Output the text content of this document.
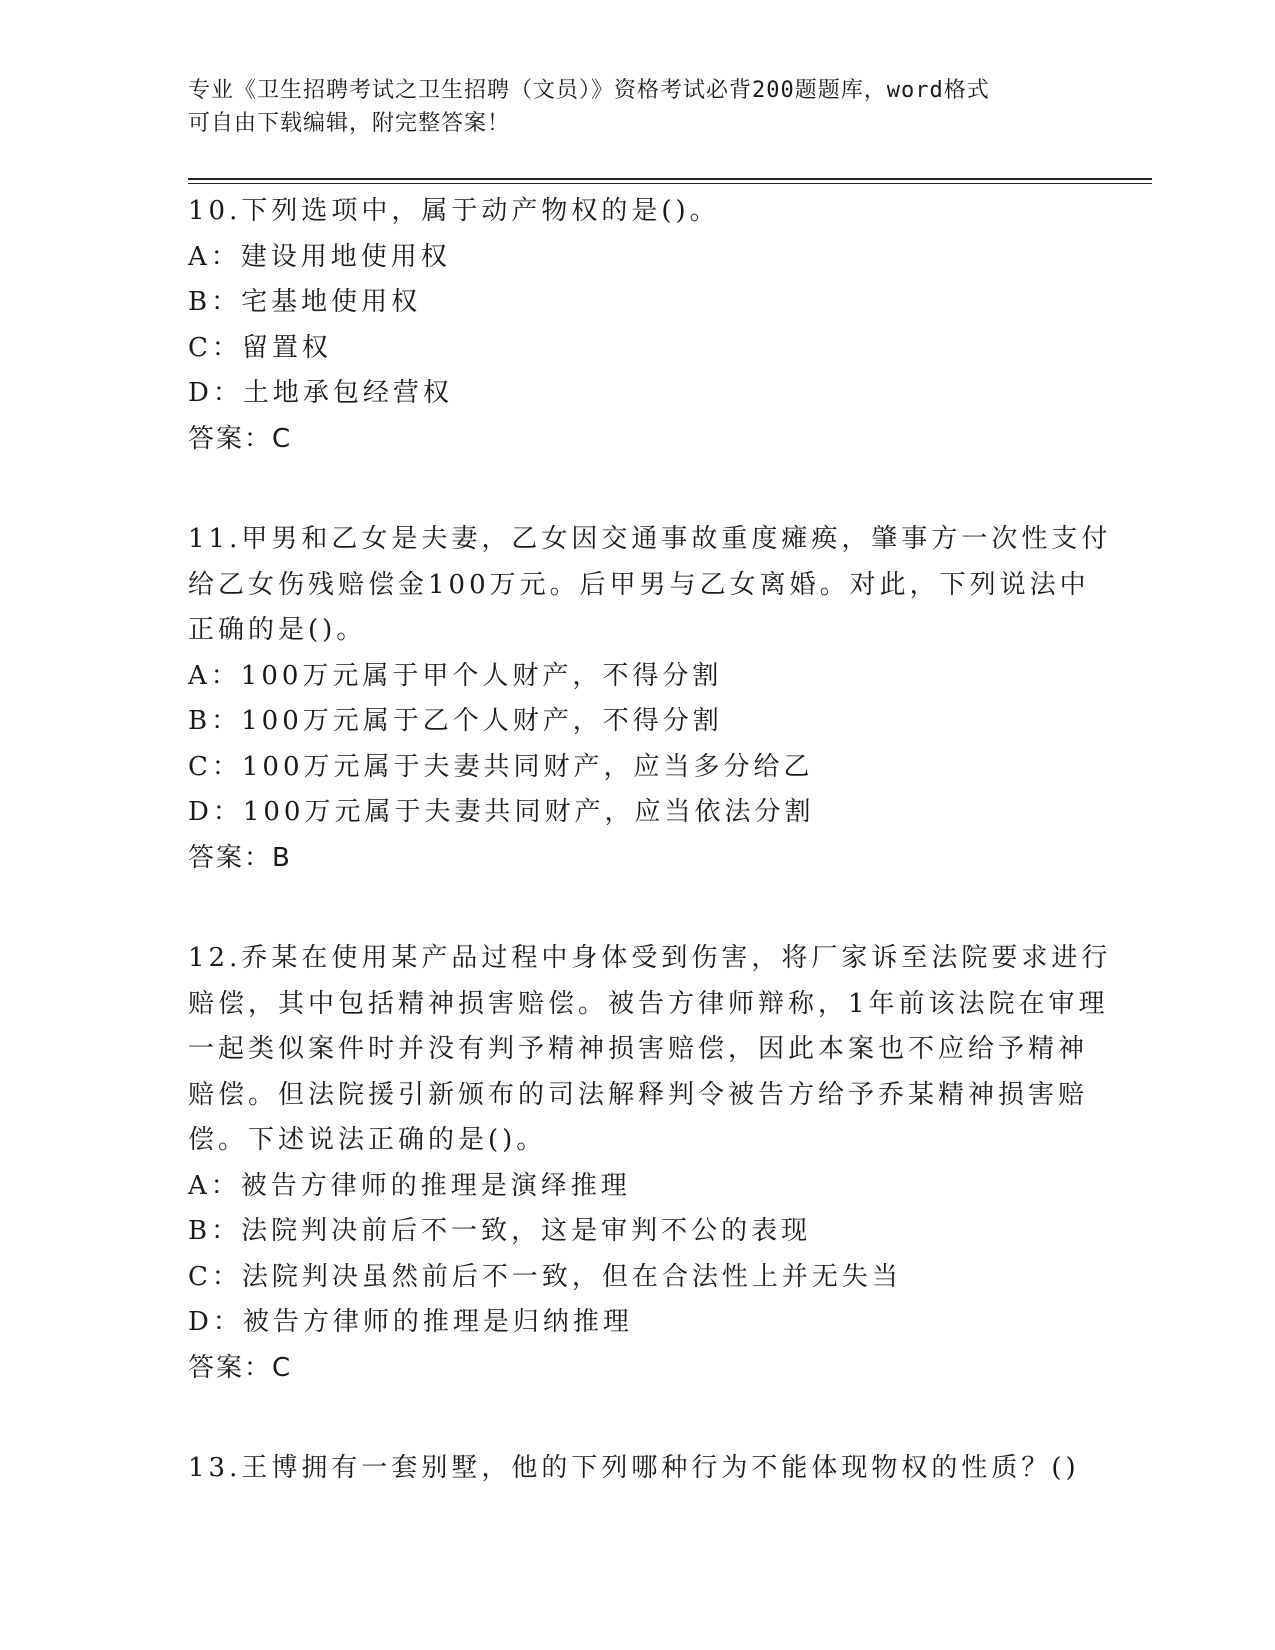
专业《卫生招聘考试之卫生招聘（文员）》资格考试必背200题题库，word格式
可自由下载编辑，附完整答案！
10.下列选项中，属于动产物权的是()。
A：建设用地使用权
B：宅基地使用权
C：留置权
D：土地承包经营权
答案：C
11.甲男和乙女是夫妻，乙女因交通事故重度瘫痪，肇事方一次性支付
给乙女伤残赔偿金100万元。后甲男与乙女离婚。对此，下列说法中
正确的是()。
A：100万元属于甲个人财产，不得分割
B：100万元属于乙个人财产，不得分割
C：100万元属于夫妻共同财产，应当多分给乙
D：100万元属于夫妻共同财产，应当依法分割
答案：B
12.乔某在使用某产品过程中身体受到伤害，将厂家诉至法院要求进行
赔偿，其中包括精神损害赔偿。被告方律师辩称，1年前该法院在审理
一起类似案件时并没有判予精神损害赔偿，因此本案也不应给予精神
赔偿。但法院援引新颁布的司法解释判令被告方给予乔某精神损害赔
偿。下述说法正确的是()。
A：被告方律师的推理是演绎推理
B：法院判决前后不一致，这是审判不公的表现
C：法院判决虽然前后不一致，但在合法性上并无失当
D：被告方律师的推理是归纳推理
答案：C
13.王博拥有一套别墅，他的下列哪种行为不能体现物权的性质？()
